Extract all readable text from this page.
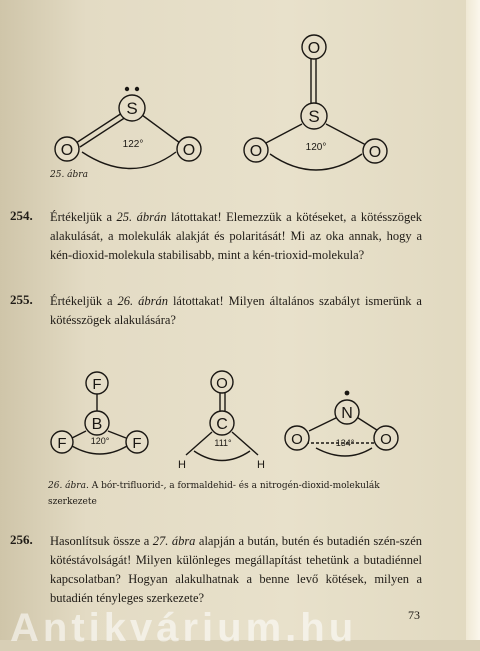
S
O	O
122°
O
S
O	O
120°
F
B
F	F
120°
O
C
H	H
111°
N
O	O
134°
25. ábra
254. Értékeljük a 25. ábrán látottakat! Elemezzük a kötéseket, a kötésszögek alakulását, a molekulák alakját és polaritását! Mi az oka annak, hogy a kén-dioxid-molekula stabilisabb, mint a kén-trioxid-molekula?
255. Értékeljük a 26. ábrán látottakat! Milyen általános szabályt ismerünk a kötésszögek alakulására?
26. ábra. A bór-trifluorid-, a formaldehid- és a nitrogén-dioxid-molekulák szerkezete
256. Hasonlítsuk össze a 27. ábra alapján a bután, butén és butadién szén-szén kötéstávolságát! Milyen különleges megállapítást tehetünk a butadiénnel kapcsolatban? Hogyan alakulhatnak a benne levő kötések, milyen a butadién tényleges szerkezete?
73
Antikvárium.hu
